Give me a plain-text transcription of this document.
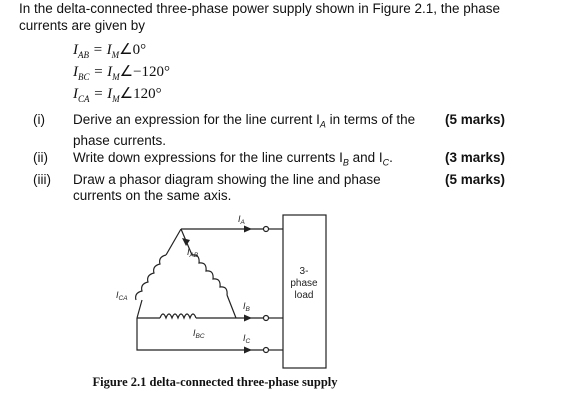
In the delta-connected three-phase power supply shown in Figure 2.1, the phase currents are given by
$I_{AB}$ = $I_M\angle 0^\circ$
$I_{BC}$ = $I_M\angle-120^\circ$
$I_{CA}$ = $I_M\angle 120^\circ$
(i) Derive an expression for the line current $I_A$ in terms of the phase currents.
(5 marks)
(ii) Write down expressions for the line currents $I_B$ and $I_C$.	(3 marks)
(iii) Draw a phasor diagram showing the line and phase currents on the same axis.
(5 marks)
$I_A$
$I_{AB}$
$I_{CA}$
$I_B$
$I_{BC}$	$I_C$
3-
phase
load
Figure 2.1 delta-connected three-phase supply
